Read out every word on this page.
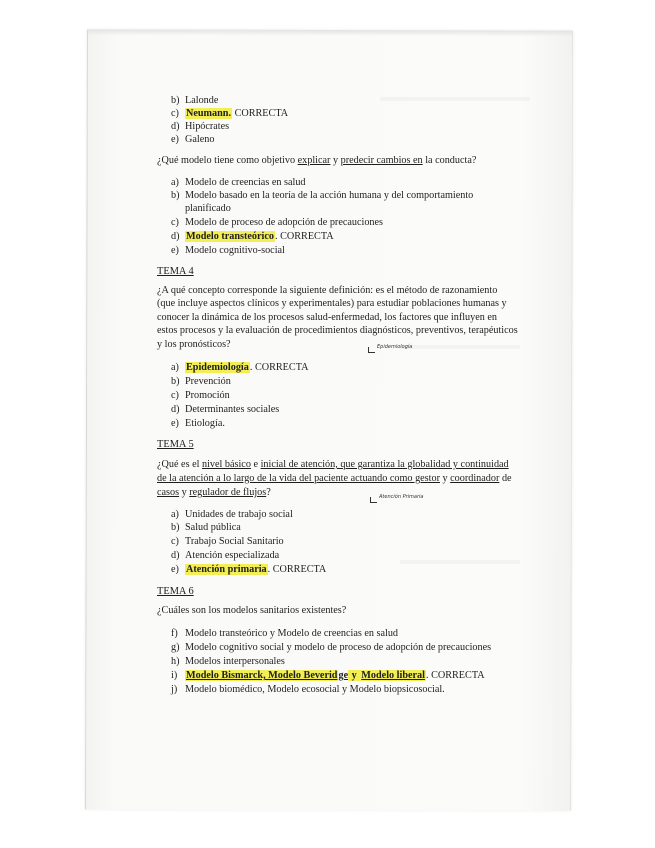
b) Lalonde
c) Neumann. CORRECTA
d) Hipócrates
e) Galeno
¿Qué modelo tiene como objetivo explicar y predecir cambios en la conducta?
a) Modelo de creencias en salud
b) Modelo basado en la teoría de la acción humana y del comportamiento
planificado
c) Modelo de proceso de adopción de precauciones
d) Modelo transteórico. CORRECTA
e) Modelo cognitivo-social
TEMA 4
¿A qué concepto corresponde la siguiente definición: es el método de razonamiento
(que incluye aspectos clínicos y experimentales) para estudiar poblaciones humanas y
conocer la dinámica de los procesos salud-enfermedad, los factores que influyen en
estos procesos y la evaluación de procedimientos diagnósticos, preventivos, terapéuticos
y los pronósticos?	Epidemiología
a) Epidemiología. CORRECTA
b) Prevención
c) Promoción
d) Determinantes sociales
e) Etiología.
TEMA 5
¿Qué es el nivel básico e inicial de atención, que garantiza la globalidad y continuidad
de la atención a lo largo de la vida del paciente actuando como gestor y coordinador de
casos y regulador de flujos?	Atención Primaria
a) Unidades de trabajo social
b) Salud pública
c) Trabajo Social Sanitario
d) Atención especializada
e) Atención primaria. CORRECTA
TEMA 6
¿Cuáles son los modelos sanitarios existentes?
f) Modelo transteórico y Modelo de creencias en salud
g) Modelo cognitivo social y modelo de proceso de adopción de precauciones
h) Modelos interpersonales
i) Modelo Bismarck, Modelo Beveridge y Modelo liberal. CORRECTA
j) Modelo biomédico, Modelo ecosocial y Modelo biopsicosocial.
